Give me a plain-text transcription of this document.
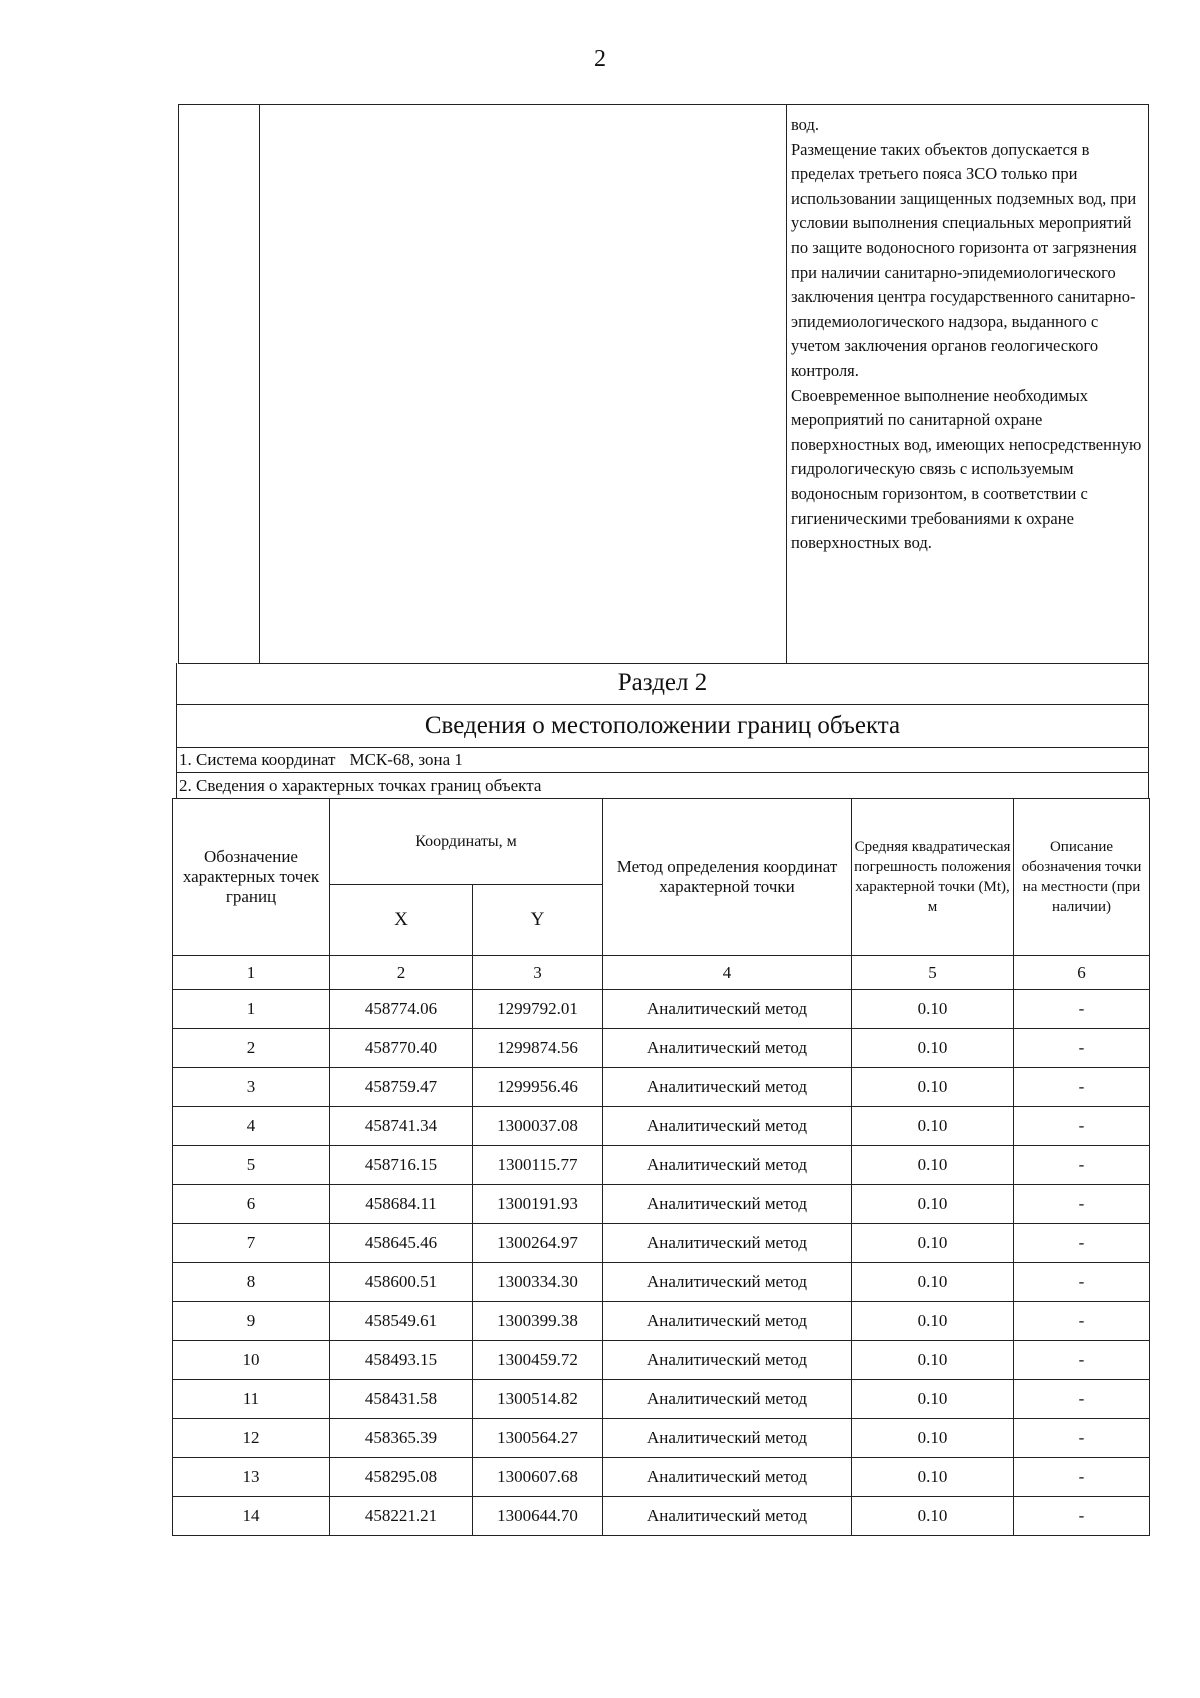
2
вод.
Размещение таких объектов допускается в пределах третьего пояса ЗСО только при использовании защищенных подземных вод, при условии выполнения специальных мероприятий по защите водоносного горизонта от загрязнения при наличии санитарно-эпидемиологического заключения центра государственного санитарно-эпидемиологического надзора, выданного с учетом заключения органов геологического контроля.
Своевременное выполнение необходимых мероприятий по санитарной охране поверхностных вод, имеющих непосредственную гидрологическую связь с используемым водоносным горизонтом, в соответствии с гигиеническими требованиями к охране поверхностных вод.
Раздел 2
Сведения о местоположении границ объекта
1. Система координат МСК-68, зона 1
2. Сведения о характерных точках границ объекта
Обозначение характерных точек границ	Координаты, м		Метод определения координат характерной точки	Средняя квадратическая погрешность положения характерной точки (Mt), м	Описание обозначения точки на местности (при наличии)
	X	Y			
1	2	3	4	5	6
1	458774.06	1299792.01	Аналитический метод	0.10	-
2	458770.40	1299874.56	Аналитический метод	0.10	-
3	458759.47	1299956.46	Аналитический метод	0.10	-
4	458741.34	1300037.08	Аналитический метод	0.10	-
5	458716.15	1300115.77	Аналитический метод	0.10	-
6	458684.11	1300191.93	Аналитический метод	0.10	-
7	458645.46	1300264.97	Аналитический метод	0.10	-
8	458600.51	1300334.30	Аналитический метод	0.10	-
9	458549.61	1300399.38	Аналитический метод	0.10	-
10	458493.15	1300459.72	Аналитический метод	0.10	-
11	458431.58	1300514.82	Аналитический метод	0.10	-
12	458365.39	1300564.27	Аналитический метод	0.10	-
13	458295.08	1300607.68	Аналитический метод	0.10	-
14	458221.21	1300644.70	Аналитический метод	0.10	-
